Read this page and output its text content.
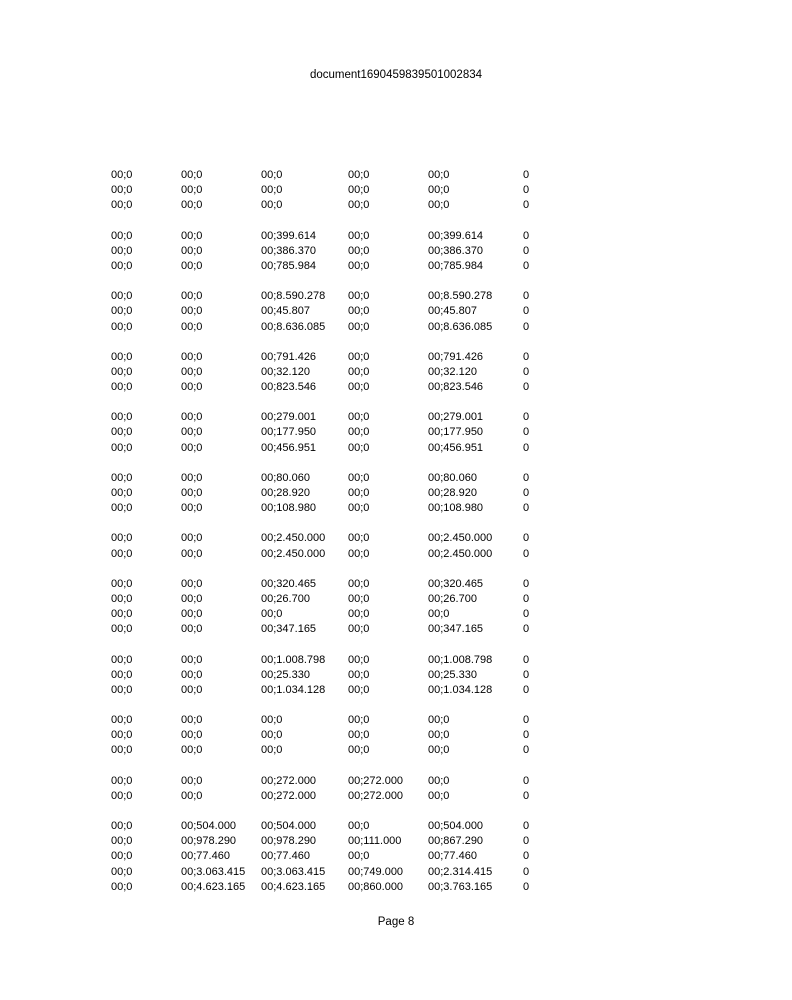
document1690459839501002834
00;0	00;0	00;0	00;0	00;0	0
00;0	00;0	00;0	00;0	00;0	0
00;0	00;0	00;0	00;0	00;0	0
00;0	00;0	00;399.614	00;0	00;399.614	0
00;0	00;0	00;386.370	00;0	00;386.370	0
00;0	00;0	00;785.984	00;0	00;785.984	0
00;0	00;0	00;8.590.278 00;0	00;8.590.278	0
00;0	00;0	00;45.807	00;0	00;45.807	0
00;0	00;0	00;8.636.085 00;0	00;8.636.085	0
00;0	00;0	00;791.426	00;0	00;791.426	0
00;0	00;0	00;32.120	00;0	00;32.120	0
00;0	00;0	00;823.546	00;0	00;823.546	0
00;0	00;0	00;279.001	00;0	00;279.001	0
00;0	00;0	00;177.950	00;0	00;177.950	0
00;0	00;0	00;456.951	00;0	00;456.951	0
00;0	00;0	00;80.060	00;0	00;80.060	0
00;0	00;0	00;28.920	00;0	00;28.920	0
00;0	00;0	00;108.980	00;0	00;108.980	0
00;0	00;0	00;2.450.000 00;0	00;2.450.000	0
00;0	00;0	00;2.450.000 00;0	00;2.450.000	0
00;0	00;0	00;320.465	00;0	00;320.465	0
00;0	00;0	00;26.700	00;0	00;26.700	0
00;0	00;0	00;0	00;0	00;0	0
00;0	00;0	00;347.165	00;0	00;347.165	0
00;0	00;0	00;1.008.798 00;0	00;1.008.798	0
00;0	00;0	00;25.330	00;0	00;25.330	0
00;0	00;0	00;1.034.128 00;0	00;1.034.128	0
00;0	00;0	00;0	00;0	00;0	0
00;0	00;0	00;0	00;0	00;0	0
00;0	00;0	00;0	00;0	00;0	0
00;0	00;0	00;272.000	00;272.000 00;0	0
00;0	00;0	00;272.000	00;272.000 00;0	0
00;0	00;504.000 00;504.000	00;0	00;504.000	0
00;0	00;978.290 00;978.290	00;111.000 00;867.290	0
00;0	00;77.460	00;77.460	00;0	00;77.460	0
00;0	00;3.063.415 00;3.063.415 00;749.000 00;2.314.415	0
00;0	00;4.623.165 00;4.623.165 00;860.000 00;3.763.165	0
Page 8
